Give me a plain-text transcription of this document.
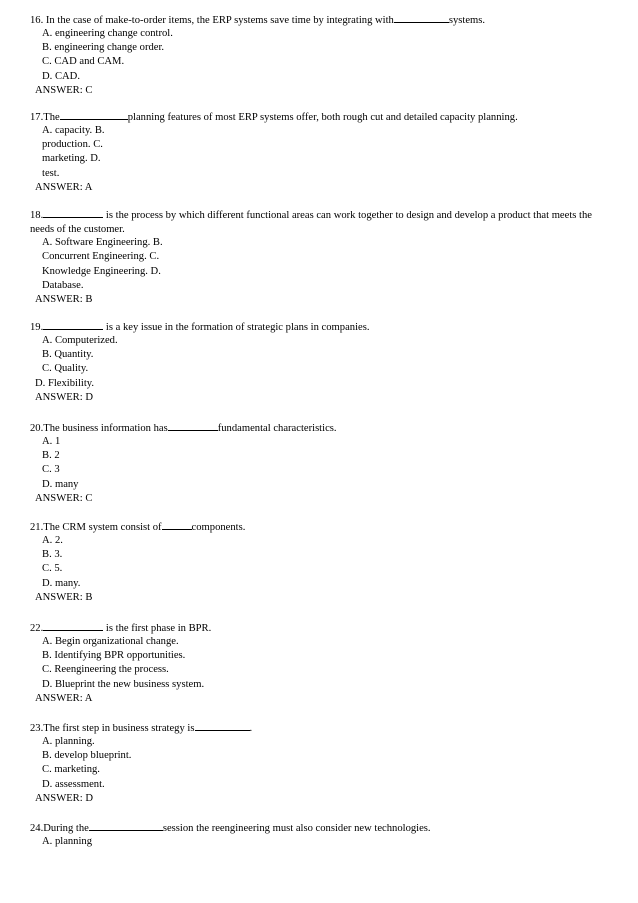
16. In the case of make-to-order items, the ERP systems save time by integrating with	systems.
A. engineering change control.
B. engineering change order.
C. CAD and CAM.
D. CAD.
ANSWER: C
17.The	planning features of most ERP systems offer, both rough cut and detailed capacity planning.
A. capacity. B.
production. C.
marketing. D.
test.
ANSWER: A
18.	is the process by which different functional areas can work together to design and develop a product that meets the needs of the customer.
A. Software Engineering. B.
Concurrent Engineering. C.
Knowledge Engineering. D.
Database.
ANSWER: B
19.	is a key issue in the formation of strategic plans in companies.
A. Computerized.
B. Quantity.
C. Quality.
D. Flexibility.
ANSWER: D
20.The business information has	fundamental characteristics.
A. 1
B. 2
C. 3
D. many
ANSWER: C
21.The CRM system consist of	components.
A. 2.
B. 3.
C. 5.
D. many.
ANSWER: B
22.	is the first phase in BPR.
A. Begin organizational change.
B. Identifying BPR opportunities.
C. Reengineering the process.
D. Blueprint the new business system.
ANSWER: A
23.The first step in business strategy is	.
A. planning.
B. develop blueprint.
C. marketing.
D. assessment.
ANSWER: D
24.During the	session the reengineering must also consider new technologies.
A. planning
